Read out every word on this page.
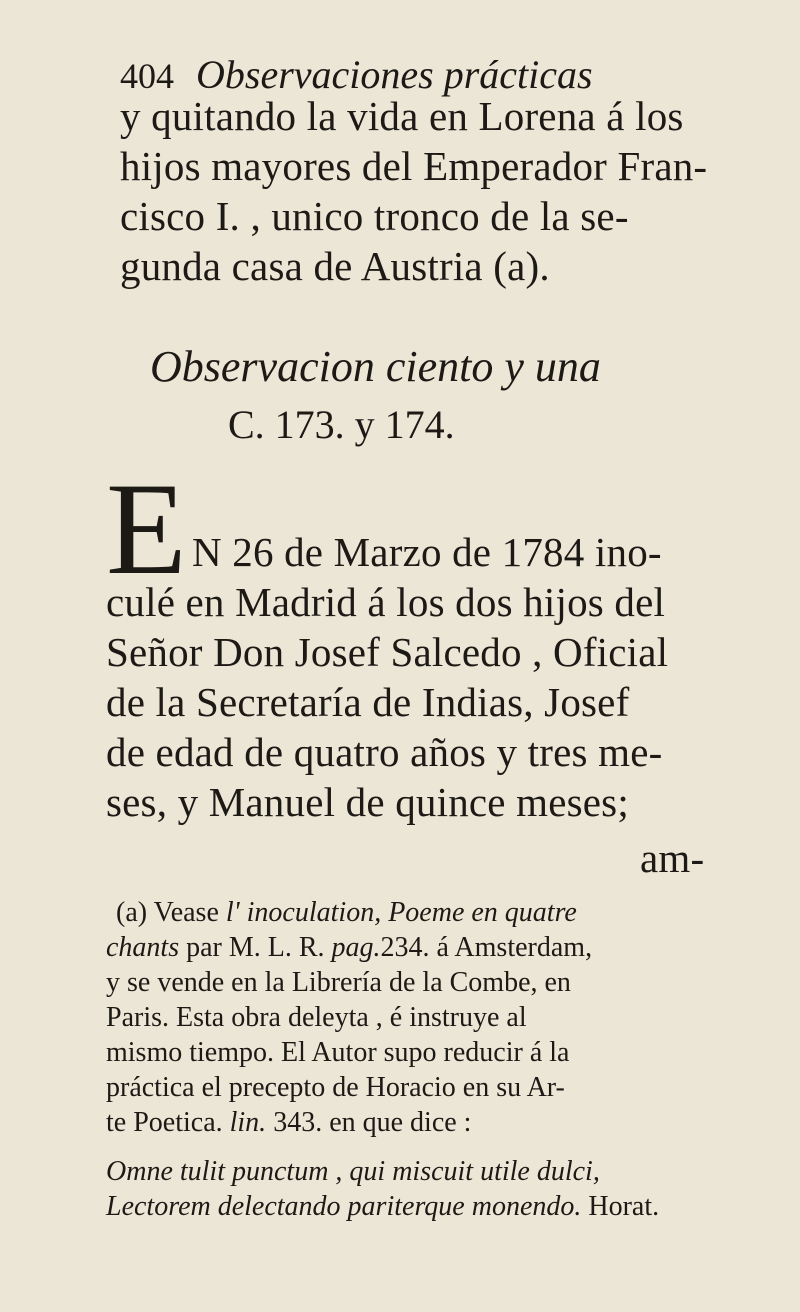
404 Observaciones prácticas
y quitando la vida en Lorena á los
hijos mayores del Emperador Fran-
cisco I. , unico tronco de la se-
gunda casa de Austria (a).
Observacion ciento y una
C. 173. y 174.
E N 26 de Marzo de 1784 ino-
culé en Madrid á los dos hijos del
Señor Don Josef Salcedo , Oficial
de la Secretaría de Indias, Josef
de edad de quatro años y tres me-
ses, y Manuel de quince meses;
am-
(a) Vease l' inoculation, Poeme en quatre
chants par M. L. R. pag.234. á Amsterdam,
y se vende en la Librería de la Combe, en
Paris. Esta obra deleyta , é instruye al
mismo tiempo. El Autor supo reducir á la
práctica el precepto de Horacio en su Ar-
te Poetica. lin. 343. en que dice :
Omne tulit punctum , qui miscuit utile dulci,
Lectorem delectando pariterque monendo. Horat.
